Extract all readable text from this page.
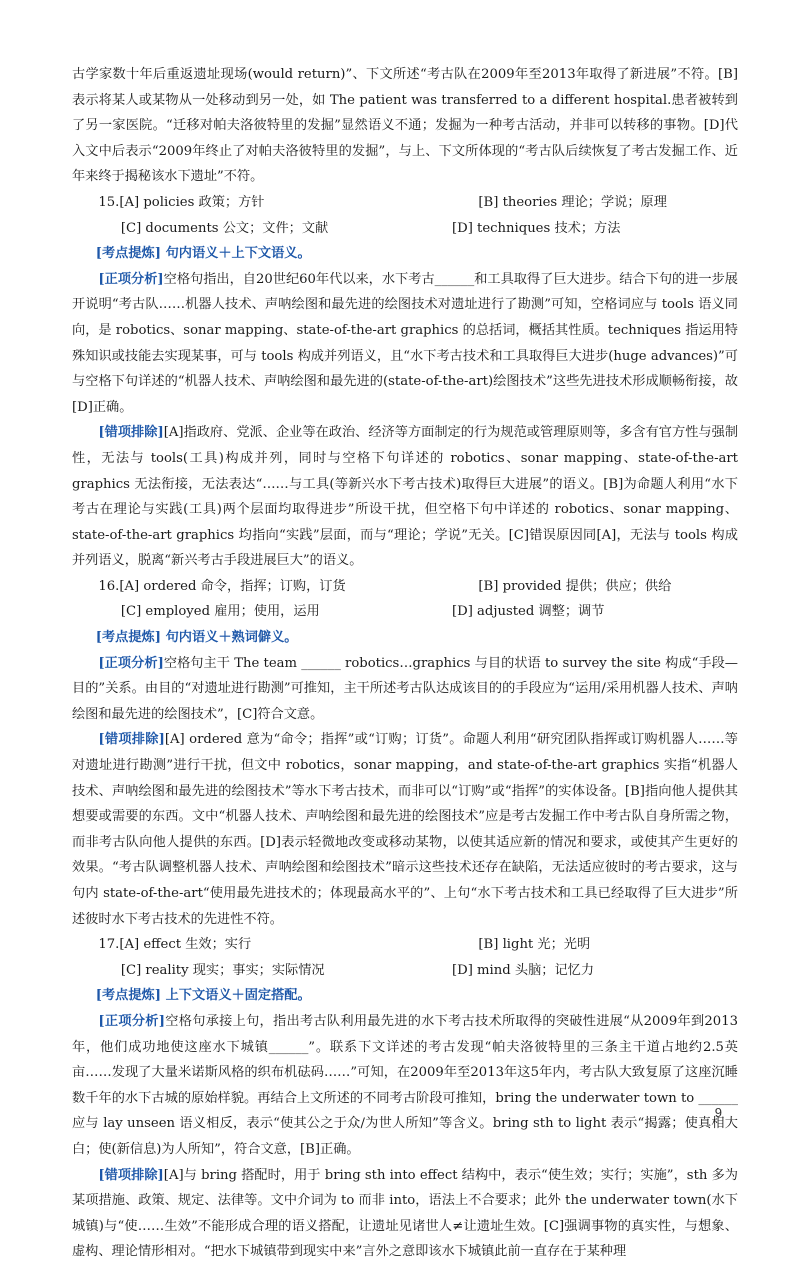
古学家数十年后重返遗址现场(would return)”、下文所述“考古队在2009年至2013年取得了新进展”不符。[B]表示将某人或某物从一处移动到另一处，如 The patient was transferred to a different hospital.患者被转到了另一家医院。“迁移对帕夫洛彼特里的发掘”显然语义不通；发掘为一种考古活动，并非可以转移的事物。[D]代入文中后表示“2009年终止了对帕夫洛彼特里的发掘”，与上、下文所体现的“考古队后续恢复了考古发掘工作、近年来终于揭秘该水下遗址”不符。

15.[A] policies 政策；方针	[B] theories 理论；学说；原理
[C] documents 公文；文件；文献	[D] techniques 技术；方法

[考点提炼] 句内语义＋上下文语义。

[正项分析]空格句指出，自20世纪60年代以来，水下考古______和工具取得了巨大进步。结合下句的进一步展开说明“考古队……机器人技术、声呐绘图和最先进的绘图技术对遗址进行了勘测”可知，空格词应与 tools 语义同向，是 robotics、sonar mapping、state-of-the-art graphics 的总括词，概括其性质。techniques 指运用特殊知识或技能去实现某事，可与 tools 构成并列语义，且“水下考古技术和工具取得巨大进步(huge advances)”可与空格下句详述的“机器人技术、声呐绘图和最先进的(state-of-the-art)绘图技术”这些先进技术形成顺畅衔接，故[D]正确。

[错项排除][A]指政府、党派、企业等在政治、经济等方面制定的行为规范或管理原则等，多含有官方性与强制性，无法与 tools(工具)构成并列，同时与空格下句详述的 robotics、sonar mapping、state-of-the-art graphics 无法衔接，无法表达“……与工具(等新兴水下考古技术)取得巨大进展”的语义。[B]为命题人利用“水下考古在理论与实践(工具)两个层面均取得进步”所设干扰，但空格下句中详述的 robotics、sonar mapping、state-of-the-art graphics 均指向“实践”层面，而与“理论；学说”无关。[C]错误原因同[A]，无法与 tools 构成并列语义，脱离“新兴考古手段进展巨大”的语义。

16.[A] ordered 命令，指挥；订购，订货	[B] provided 提供；供应；供给
[C] employed 雇用；使用，运用	[D] adjusted 调整；调节

[考点提炼] 句内语义＋熟词僻义。

[正项分析]空格句主干 The team ______ robotics…graphics 与目的状语 to survey the site 构成“手段—目的”关系。由目的“对遗址进行勘测”可推知，主干所述考古队达成该目的的手段应为“运用/采用机器人技术、声呐绘图和最先进的绘图技术”，[C]符合文意。

[错项排除][A] ordered 意为“命令；指挥”或“订购；订货”。命题人利用“研究团队指挥或订购机器人……等对遗址进行勘测”进行干扰，但文中 robotics，sonar mapping，and state-of-the-art graphics 实指“机器人技术、声呐绘图和最先进的绘图技术”等水下考古技术，而非可以“订购”或“指挥”的实体设备。[B]指向他人提供其想要或需要的东西。文中“机器人技术、声呐绘图和最先进的绘图技术”应是考古发掘工作中考古队自身所需之物，而非考古队向他人提供的东西。[D]表示轻微地改变或移动某物，以使其适应新的情况和要求，或使其产生更好的效果。“考古队调整机器人技术、声呐绘图和绘图技术”暗示这些技术还存在缺陷，无法适应彼时的考古要求，这与句内 state-of-the-art“使用最先进技术的；体现最高水平的”、上句“水下考古技术和工具已经取得了巨大进步”所述彼时水下考古技术的先进性不符。

17.[A] effect 生效；实行	[B] light 光；光明
[C] reality 现实；事实；实际情况	[D] mind 头脑；记忆力

[考点提炼] 上下文语义＋固定搭配。

[正项分析]空格句承接上句，指出考古队利用最先进的水下考古技术所取得的突破性进展“从2009年到2013年，他们成功地使这座水下城镇______”。联系下文详述的考古发现“帕夫洛彼特里的三条主干道占地约2.5英亩……发现了大量米诺斯风格的织布机砝码……”可知，在2009年至2013年这5年内，考古队大致复原了这座沉睡数千年的水下古城的原始样貌。再结合上文所述的不同考古阶段可推知，bring the underwater town to ______应与 lay unseen 语义相反，表示“使其公之于众/为世人所知”等含义。bring sth to light 表示“揭露；使真相大白；使(新信息)为人所知”，符合文意，[B]正确。

[错项排除][A]与 bring 搭配时，用于 bring sth into effect 结构中，表示“使生效；实行；实施”，sth 多为某项措施、政策、规定、法律等。文中介词为 to 而非 into，语法上不合要求；此外 the underwater town(水下城镇)与“使……生效”不能形成合理的语义搭配，让遗址见诸世人≠让遗址生效。[C]强调事物的真实性，与想象、虚构、理论情形相对。“把水下城镇带到现实中来”言外之意即该水下城镇此前一直存在于某种理

9
